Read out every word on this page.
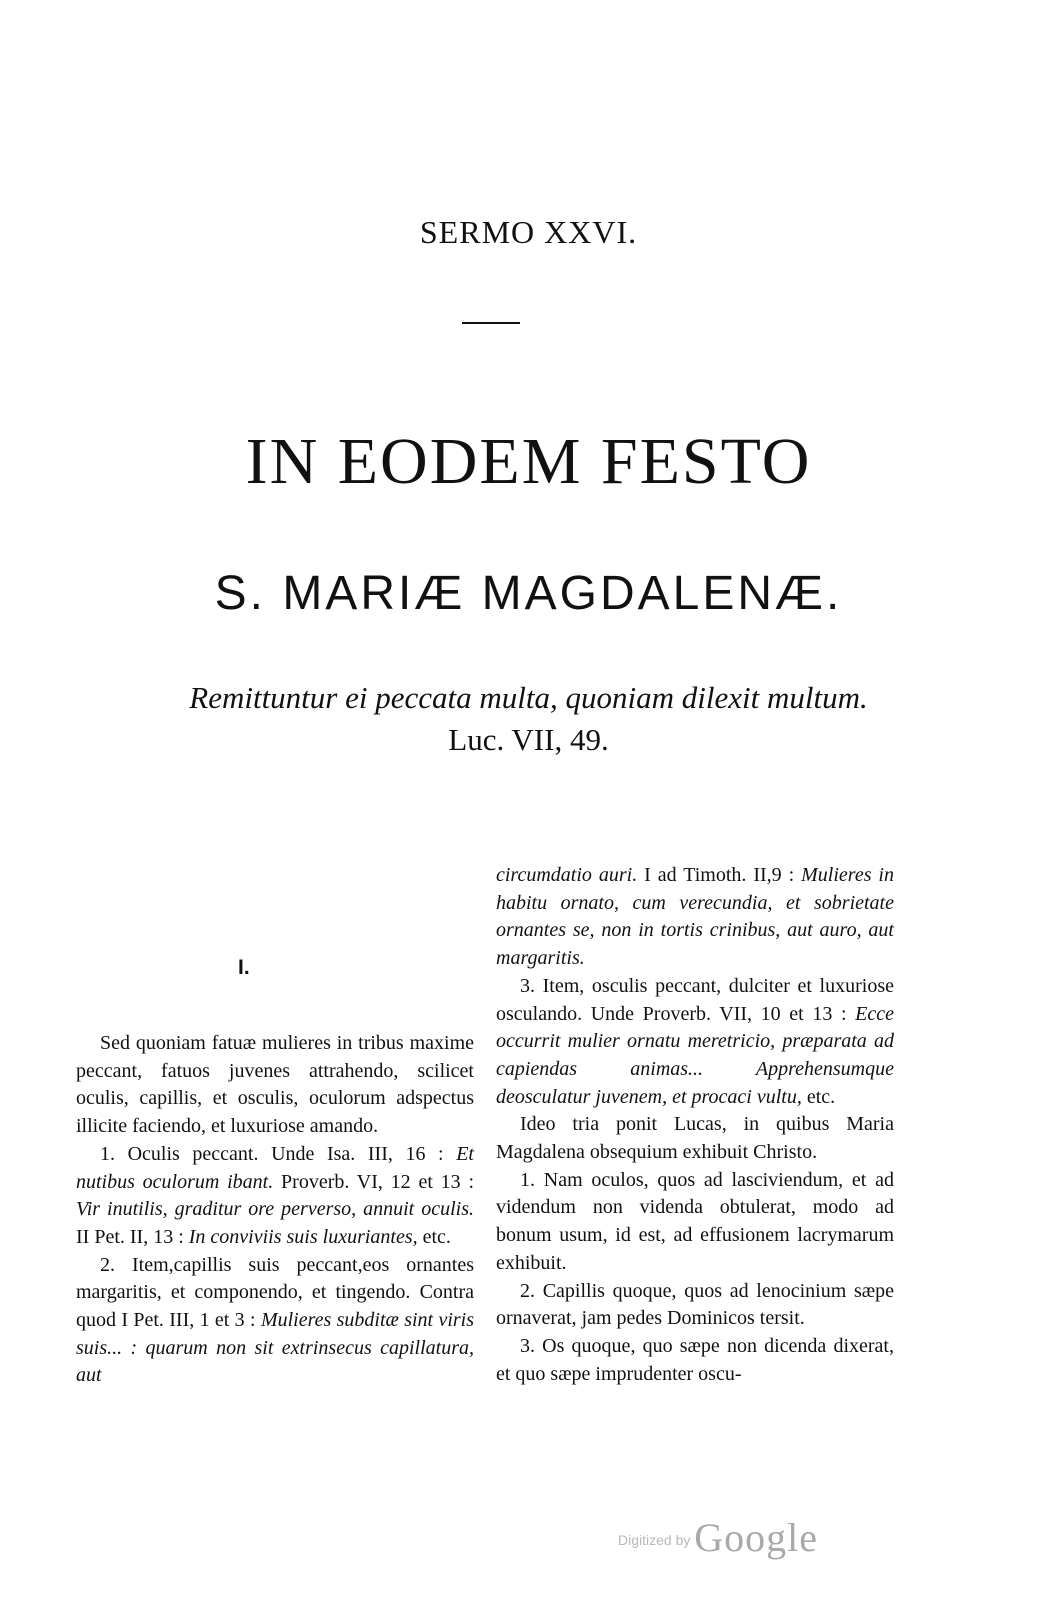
SERMO XXVI.
IN EODEM FESTO
S. MARIÆ MAGDALENÆ.
Remittuntur ei peccata multa, quoniam dilexit multum.
Luc. VII, 49.
I.

Sed quoniam fatuæ mulieres in tribus maxime peccant, fatuos juvenes attrahendo, scilicet oculis, capillis, et osculis, oculorum adspectus illicite faciendo, et luxuriose amando.

1. Oculis peccant. Unde Isa. III, 16 : Et nutibus oculorum ibant. Proverb. VI, 12 et 13 : Vir inutilis, graditur ore perverso, annuit oculis. II Pet. II, 13 : In conviviis suis luxuriantes, etc.

2. Item,capillis suis peccant,eos ornantes margaritis, et componendo, et tingendo. Contra quod I Pet. III, 1 et 3 : Mulieres subditæ sint viris suis... : quarum non sit extrinsecus capillatura, aut

circumdatio auri. I ad Timoth. II,9 : Mulieres in habitu ornato, cum verecundia, et sobrietate ornantes se, non in tortis crinibus, aut auro, aut margaritis.

3. Item, osculis peccant, dulciter et luxuriose osculando. Unde Proverb. VII, 10 et 13 : Ecce occurrit mulier ornatu meretricio, præparata ad capiendas animas... Apprehensumque deosculatur juvenem, et procaci vultu, etc.

Ideo tria ponit Lucas, in quibus Maria Magdalena obsequium exhibuit Christo.

1. Nam oculos, quos ad lasciviendum, et ad videndum non videnda obtulerat, modo ad bonum usum, id est, ad effusionem lacrymarum exhibuit.

2. Capillis quoque, quos ad lenocinium sæpe ornaverat, jam pedes Dominicos tersit.

3. Os quoque, quo sæpe non dicenda dixerat, et quo sæpe imprudenter oscu-

Digitized by Google
